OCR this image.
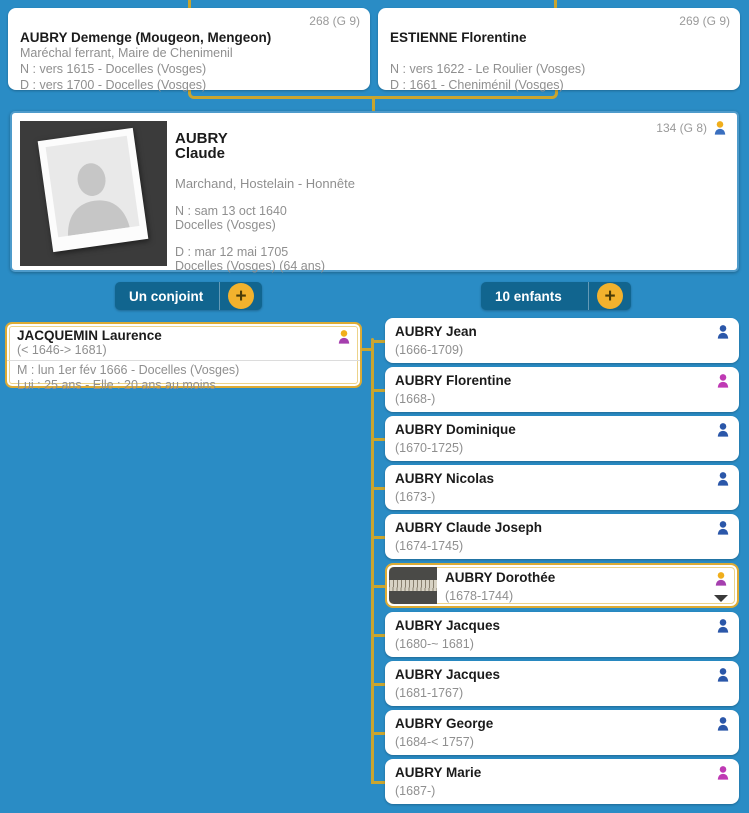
268 (G 9)
AUBRY Demenge (Mougeon, Mengeon)
Maréchal ferrant, Maire de Chenimenil
N : vers 1615 - Docelles (Vosges)
D : vers 1700 - Docelles (Vosges)
269 (G 9)
ESTIENNE Florentine
N : vers 1622 - Le Roulier (Vosges)
D : 1661 - Cheniménil (Vosges)
134 (G 8)
AUBRY
Claude
Marchand, Hostelain - Honnête
N : sam 13 oct 1640
Docelles (Vosges)
D : mar 12 mai 1705
Docelles (Vosges) (64 ans)
Un conjoint	+	10 enfants	+
JACQUEMIN Laurence
(< 1646-> 1681)
M : lun 1er fév 1666 - Docelles (Vosges)
Lui : 25 ans - Elle : 20 ans au moins
AUBRY Jean
(1666-1709)
AUBRY Florentine
(1668-)
AUBRY Dominique
(1670-1725)
AUBRY Nicolas
(1673-)
AUBRY Claude Joseph
(1674-1745)
AUBRY Dorothée
(1678-1744)
AUBRY Jacques
(1680-~ 1681)
AUBRY Jacques
(1681-1767)
AUBRY George
(1684-< 1757)
AUBRY Marie
(1687-)
